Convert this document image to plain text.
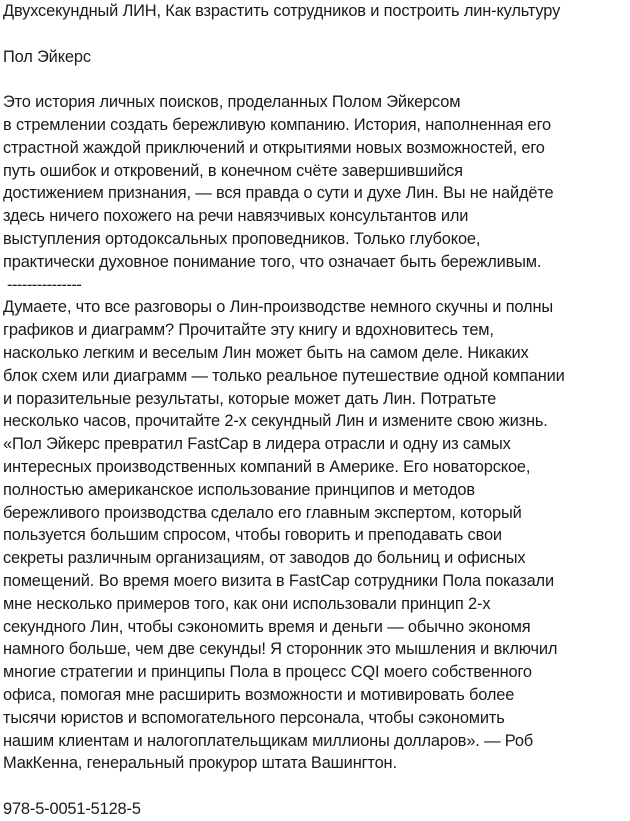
Двухсекундный ЛИН, Как взрастить сотрудников и построить лин-культуру
Пол Эйкерс
Это история личных поисков, проделанных Полом Эйкерсом
в стремлении создать бережливую компанию. История, наполненная его
страстной жаждой приключений и открытиями новых возможностей, его
путь ошибок и откровений, в конечном счёте завершившийся
достижением признания, — вся правда о сути и духе Лин. Вы не найдёте
здесь ничего похожего на речи навязчивых консультантов или
выступления ортодоксальных проповедников. Только глубокое,
практически духовное понимание того, что означает быть бережливым.
---------------
Думаете, что все разговоры о Лин-производстве немного скучны и полны
графиков и диаграмм? Прочитайте эту книгу и вдохновитесь тем,
насколько легким и веселым Лин может быть на самом деле. Никаких
блок схем или диаграмм — только реальное путешествие одной компании
и поразительные результаты, которые может дать Лин. Потратьте
несколько часов, прочитайте 2-х секундный Лин и измените свою жизнь.
«Пол Эйкерс превратил FastCap в лидера отрасли и одну из самых
интересных производственных компаний в Америке. Его новаторское,
полностью американское использование принципов и методов
бережливого производства сделало его главным экспертом, который
пользуется большим спросом, чтобы говорить и преподавать свои
секреты различным организациям, от заводов до больниц и офисных
помещений. Во время моего визита в FastCap сотрудники Пола показали
мне несколько примеров того, как они использовали принцип 2-х
секундного Лин, чтобы сэкономить время и деньги — обычно экономя
намного больше, чем две секунды! Я сторонник это мышления и включил
многие стратегии и принципы Пола в процесс CQI моего собственного
офиса, помогая мне расширить возможности и мотивировать более
тысячи юристов и вспомогательного персонала, чтобы сэкономить
нашим клиентам и налогоплательщикам миллионы долларов». — Роб
МакКенна, генеральный прокурор штата Вашингтон.
978-5-0051-5128-5
